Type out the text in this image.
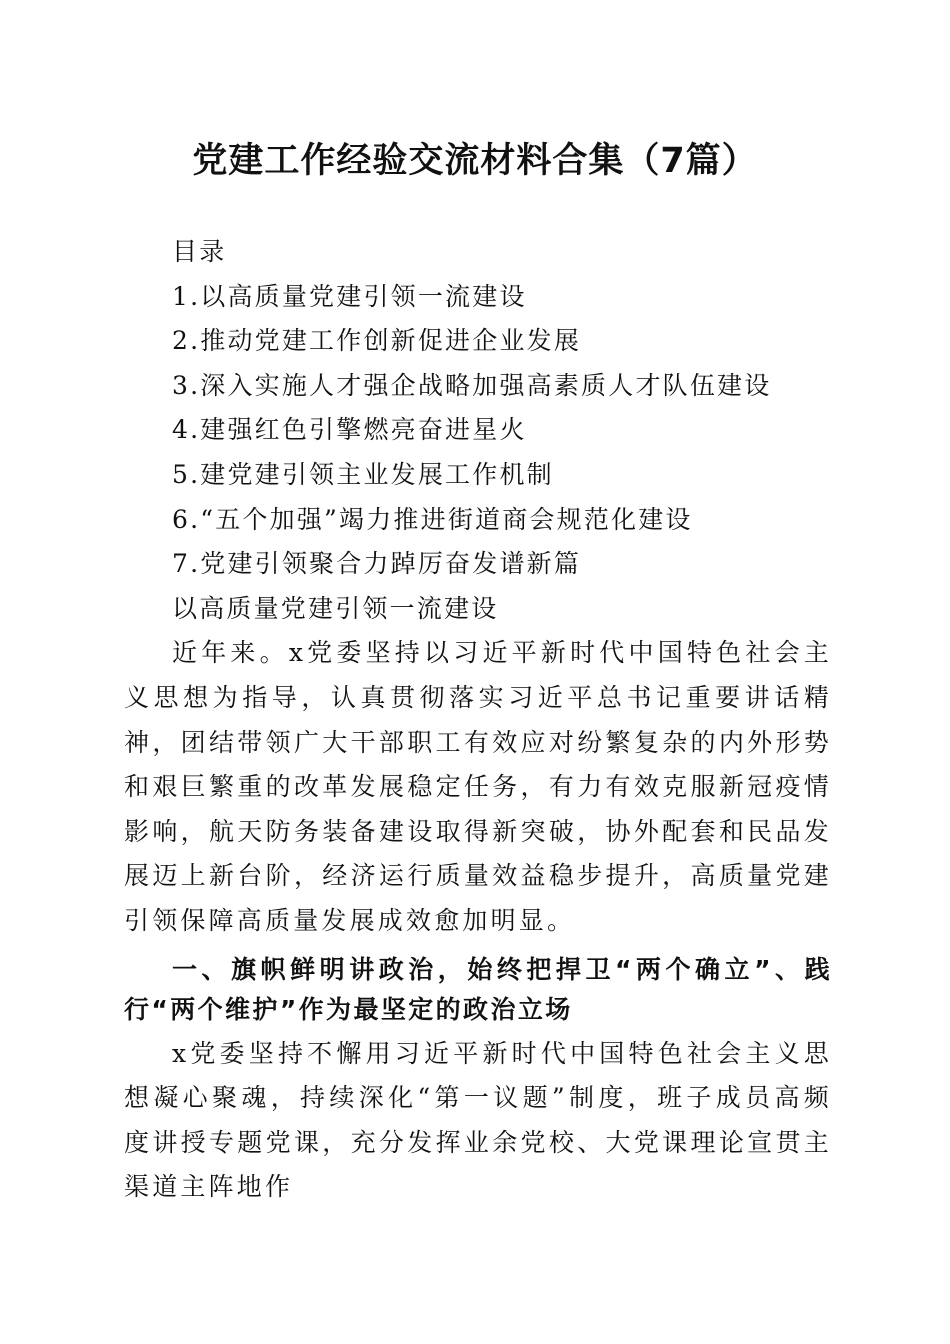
党建工作经验交流材料合集（7篇）
目录
1.以高质量党建引领一流建设
2.推动党建工作创新促进企业发展
3.深入实施人才强企战略加强高素质人才队伍建设
4.建强红色引擎燃亮奋进星火
5.建党建引领主业发展工作机制
6.“五个加强”竭力推进街道商会规范化建设
7.党建引领聚合力踔厉奋发谱新篇
以高质量党建引领一流建设

近年来。x党委坚持以习近平新时代中国特色社会主义思想为指导，认真贯彻落实习近平总书记重要讲话精神，团结带领广大干部职工有效应对纷繁复杂的内外形势和艰巨繁重的改革发展稳定任务，有力有效克服新冠疫情影响，航天防务装备建设取得新突破，协外配套和民品发展迈上新台阶，经济运行质量效益稳步提升，高质量党建引领保障高质量发展成效愈加明显。

一、旗帜鲜明讲政治，始终把捍卫“两个确立”、践行“两个维护”作为最坚定的政治立场

x党委坚持不懈用习近平新时代中国特色社会主义思想凝心聚魂，持续深化“第一议题”制度，班子成员高频度讲授专题党课，充分发挥业余党校、大党课理论宣贯主渠道主阵地作
